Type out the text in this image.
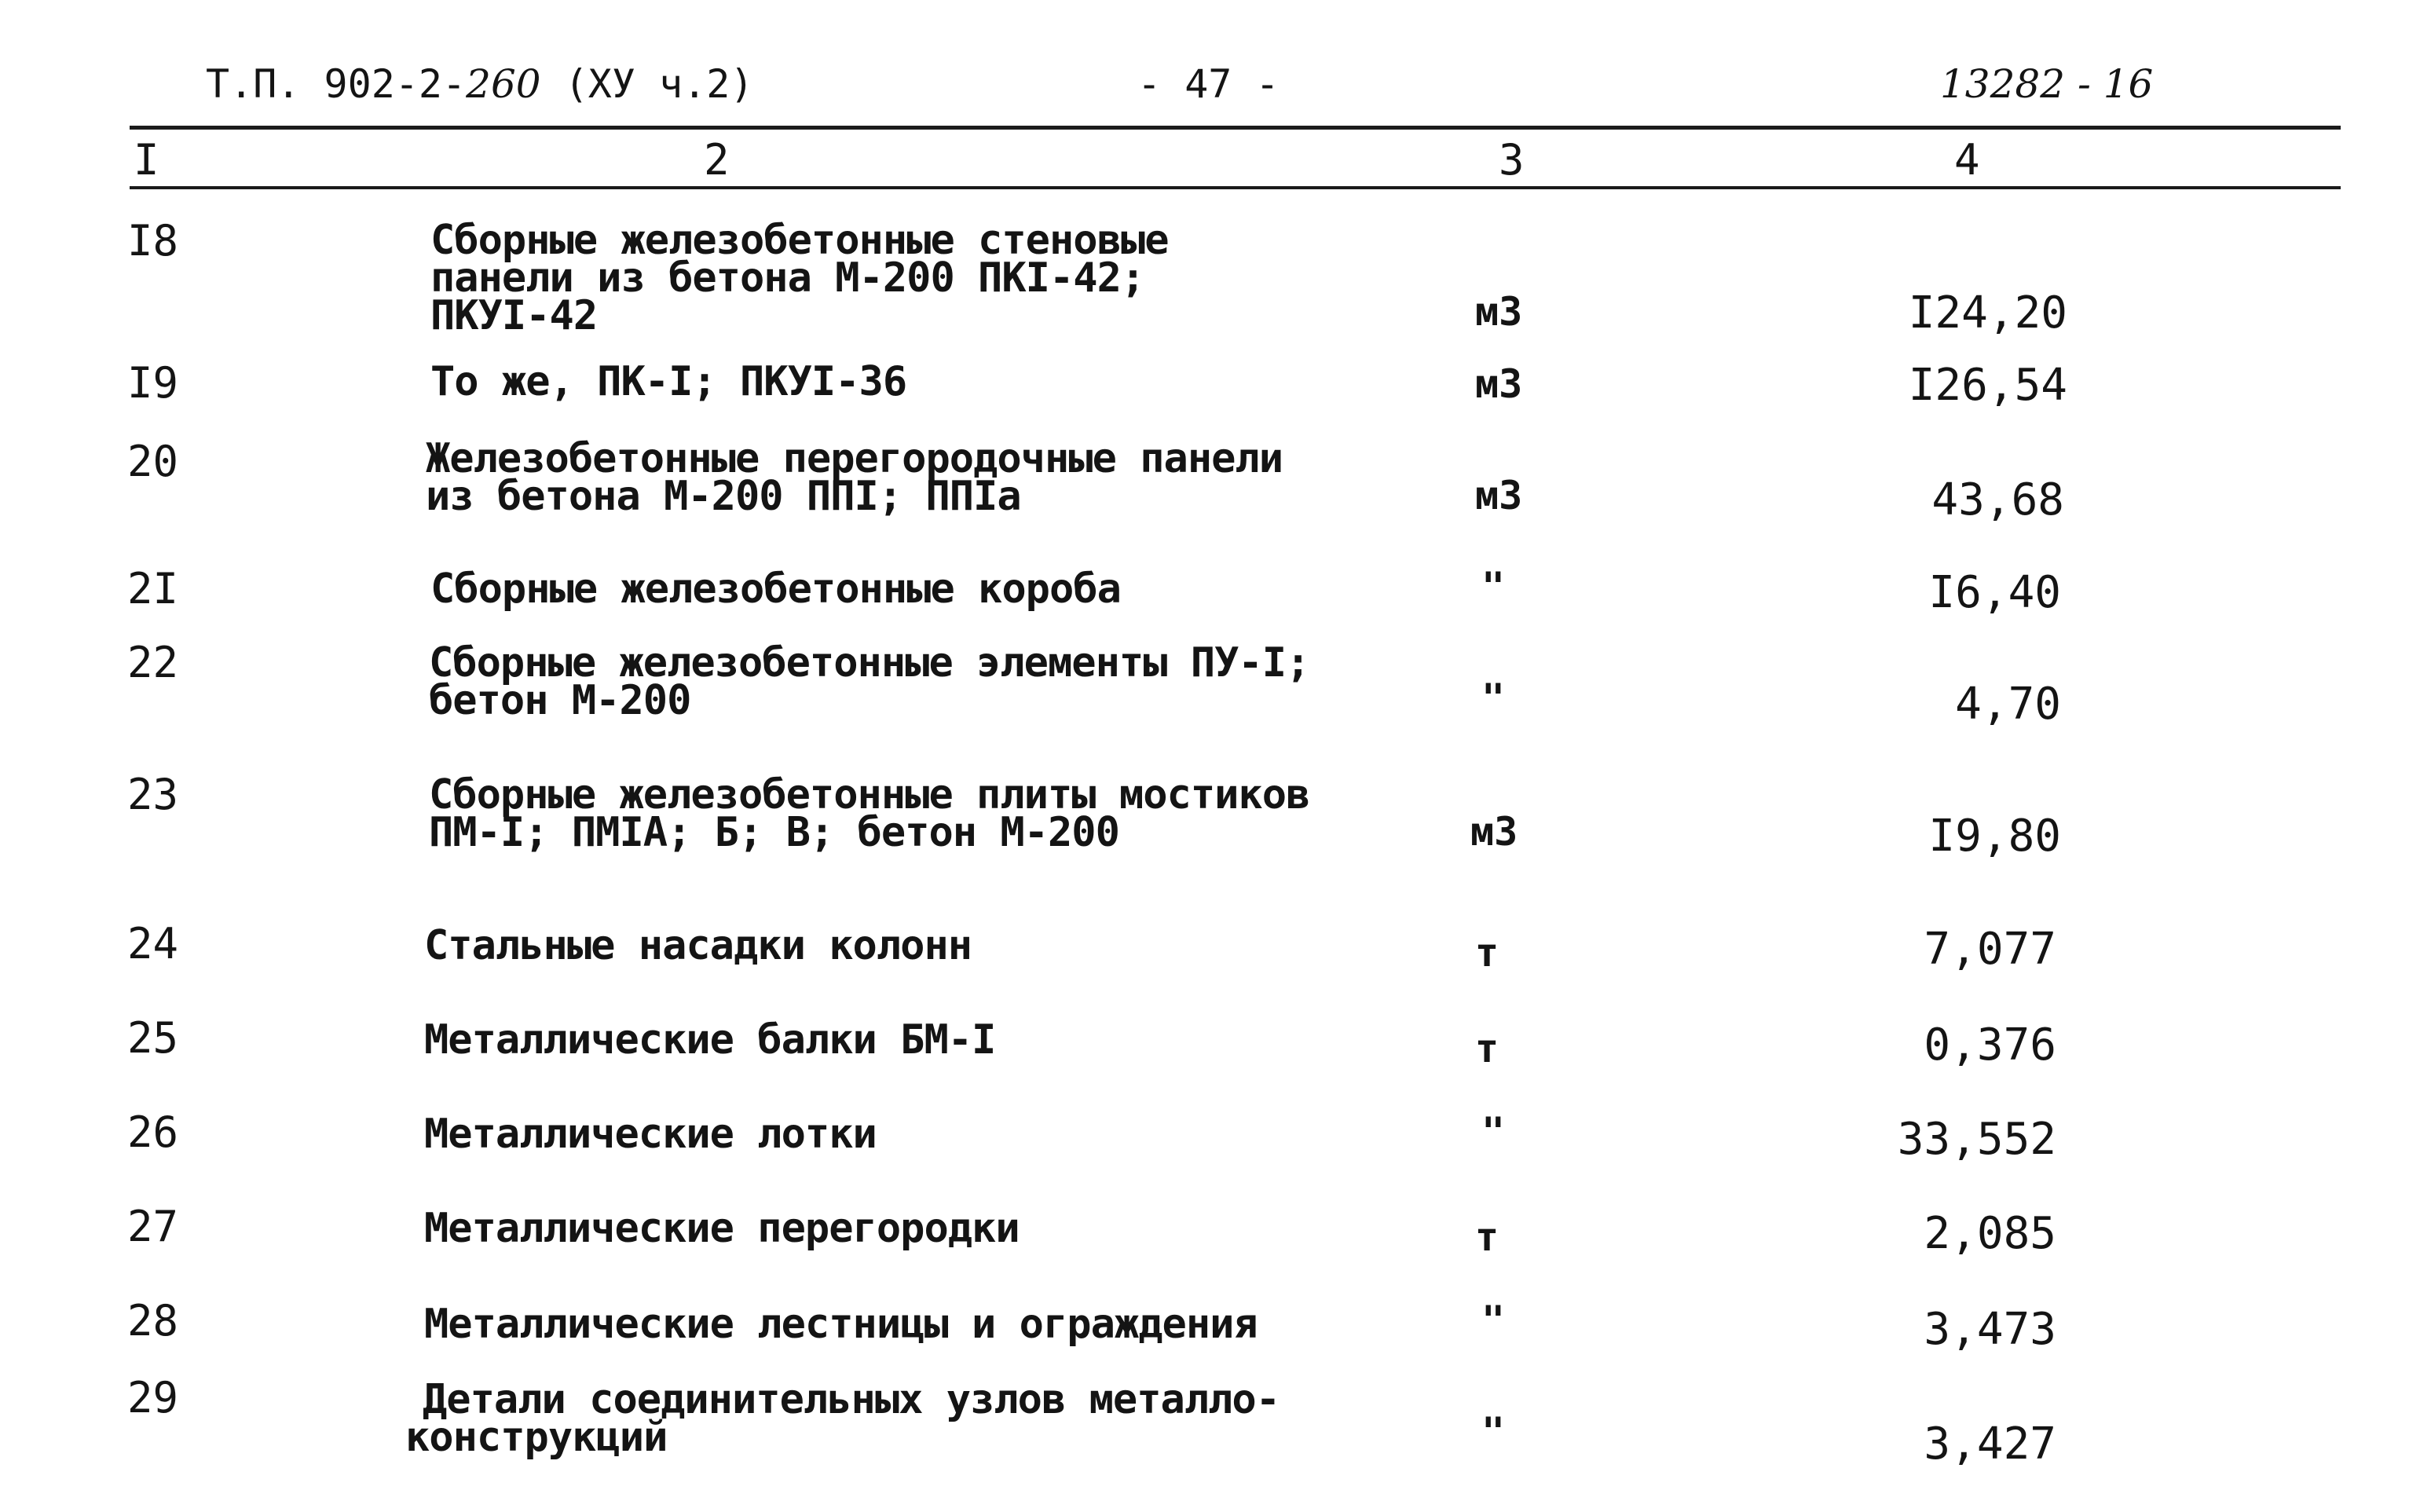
Т.П. 902-2-260 (ХУ ч.2)	- 47 -	13282 - 16
I	2	3	4
I8	Сборные железобетонные стеновые
панели из бетона М-200 ПКI-42;
ПКУI-42	м3	I24,20
I9	То же, ПК-I; ПКУI-36	м3	I26,54
20	Железобетонные перегородочные панели
из бетона М-200 ППI; ППIa	м3	43,68
2I	Сборные железобетонные короба	"	I6,40
22	Сборные железобетонные элементы ПУ-I;
бетон М-200	"	4,70
23	Сборные железобетонные плиты мостиков
ПМ-I; ПМIА; Б; В; бетон М-200	м3	I9,80
24	Стальные насадки колонн	т	7,077
25	Металлические балки БМ-I	т	0,376
26	Металлические лотки	"	33,552
27	Металлические перегородки	т	2,085
28	Металлические лестницы и ограждения	"	3,473
29	Детали соединительных узлов металло-
конструкций	"	3,427
